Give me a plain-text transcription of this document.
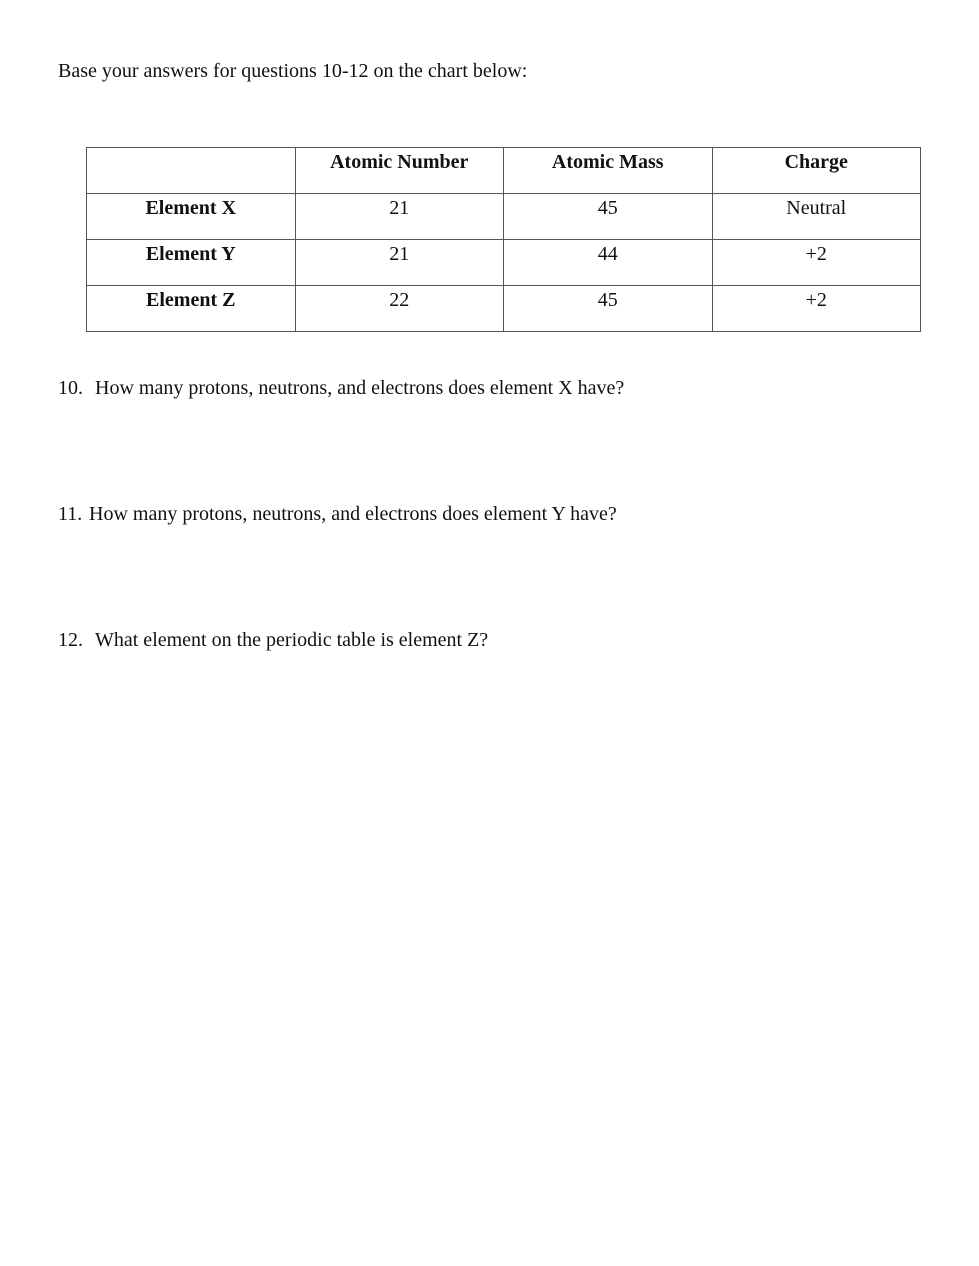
Base your answers for questions 10-12 on the chart below:

	Atomic Number	Atomic Mass	Charge

Element X	21	45	Neutral

Element Y	21	44	+2

Element Z	22	45	+2
10. How many protons, neutrons, and electrons does element X have?
11. How many protons, neutrons, and electrons does element Y have?
12. What element on the periodic table is element Z?
